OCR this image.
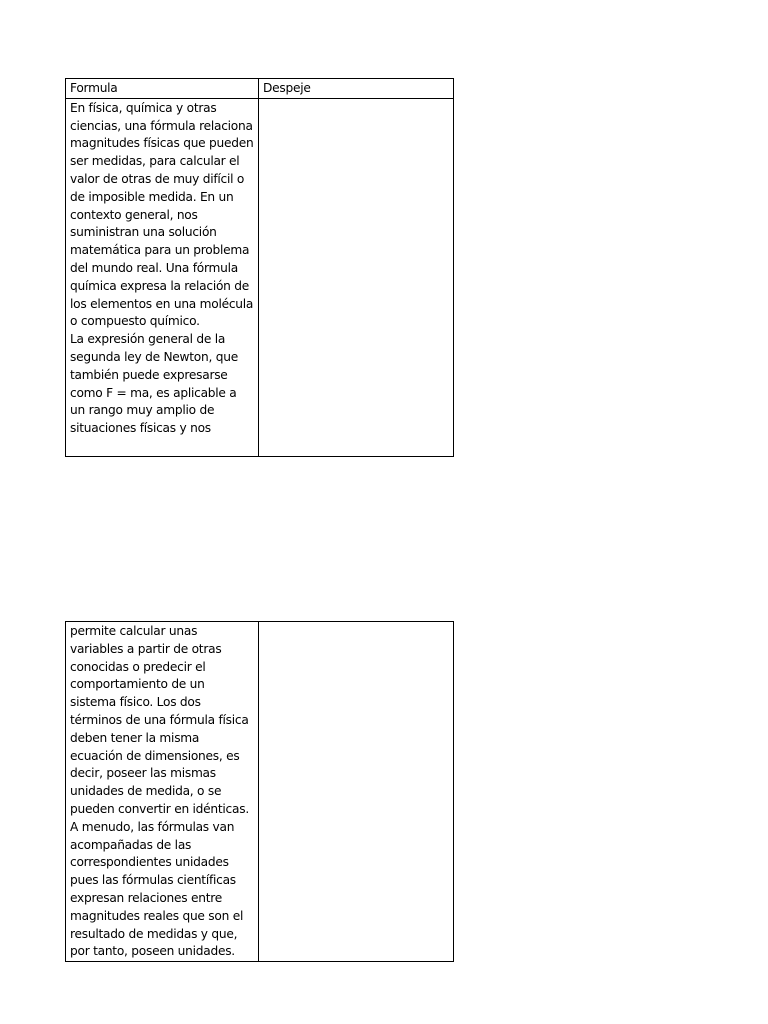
Formula	Despeje

En física, química y otras ciencias, una fórmula relaciona magnitudes físicas que pueden ser medidas, para calcular el valor de otras de muy difícil o de imposible medida. En un contexto general, nos suministran una solución matemática para un problema del mundo real. Una fórmula química expresa la relación de los elementos en una molécula o compuesto químico.
La expresión general de la segunda ley de Newton, que también puede expresarse como F = ma, es aplicable a un rango muy amplio de situaciones físicas y nos	

permite calcular unas variables a partir de otras conocidas o predecir el comportamiento de un sistema físico. Los dos términos de una fórmula física deben tener la misma ecuación de dimensiones, es decir, poseer las mismas unidades de medida, o se pueden convertir en idénticas. A menudo, las fórmulas van acompañadas de las correspondientes unidades pues las fórmulas científicas expresan relaciones entre magnitudes reales que son el resultado de medidas y que, por tanto, poseen unidades.	
